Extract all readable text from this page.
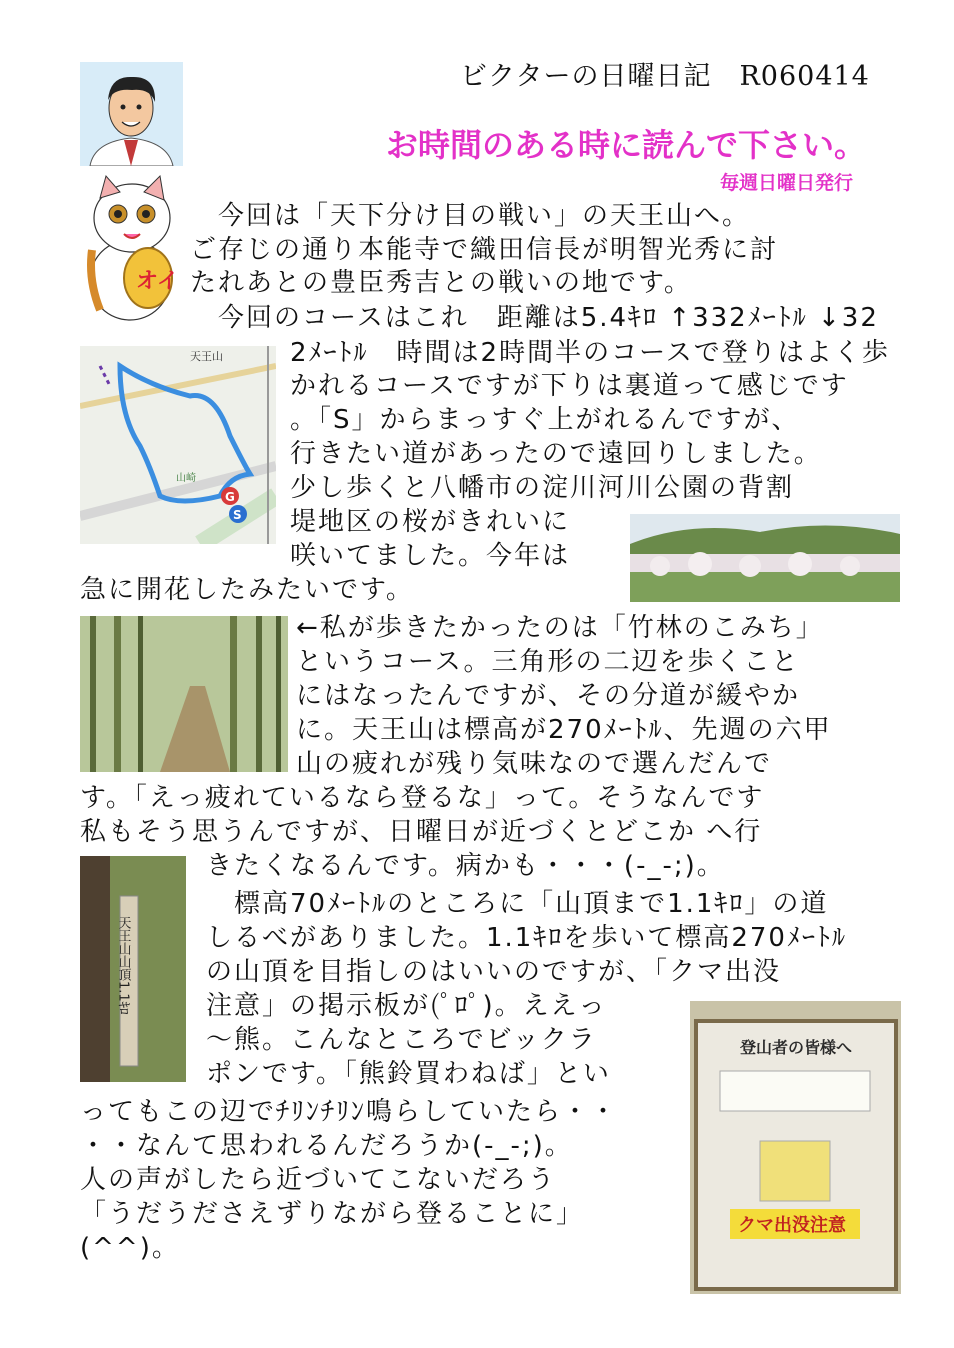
ビクターの日曜日記　R060414
お時間のある時に読んで下さい。
毎週日曜日発行
オイ
天王山
山崎
G
S
天王山山頂1.1ｷﾛ
登山者の皆様へ
クマ出没注意
　今回は「天下分け目の戦い」の天王山へ。
ご存じの通り本能寺で織田信長が明智光秀に討
たれあとの豊臣秀吉との戦いの地です。
　今回のコースはこれ　距離は5.4ｷﾛ ↑332ﾒｰﾄﾙ ↓32
2ﾒｰﾄﾙ　時間は2時間半のコースで登りはよく歩
かれるコースですが下りは裏道って感じです
。「S」からまっすぐ上がれるんですが、
行きたい道があったので遠回りしました。
少し歩くと八幡市の淀川河川公園の背割
堤地区の桜がきれいに
咲いてました。今年は
急に開花したみたいです。
←私が歩きたかったのは「竹林のこみち」
というコース。三角形の二辺を歩くこと
にはなったんですが、その分道が緩やか
に。天王山は標高が270ﾒｰﾄﾙ、先週の六甲
山の疲れが残り気味なので選んだんで
す。「えっ疲れているなら登るな」って。そうなんです
私もそう思うんですが、日曜日が近づくとどこか へ行
きたくなるんです。病かも・・・(-_-;)。
　標高70ﾒｰﾄﾙのところに「山頂まで1.1ｷﾛ」の道
しるべがありました。1.1ｷﾛを歩いて標高270ﾒｰﾄﾙ
の山頂を目指しのはいいのですが、「クマ出没
注意」の掲示板が(ﾟﾛﾟ)。ええっ
～熊。こんなところでビックラ
ポンです。「熊鈴買わねば」とい
ってもこの辺でﾁﾘﾝﾁﾘﾝ鳴らしていたら・・
・・なんて思われるんだろうか(-_-;)。
人の声がしたら近づいてこないだろう
「うだうださえずりながら登ることに」
(^^)。
